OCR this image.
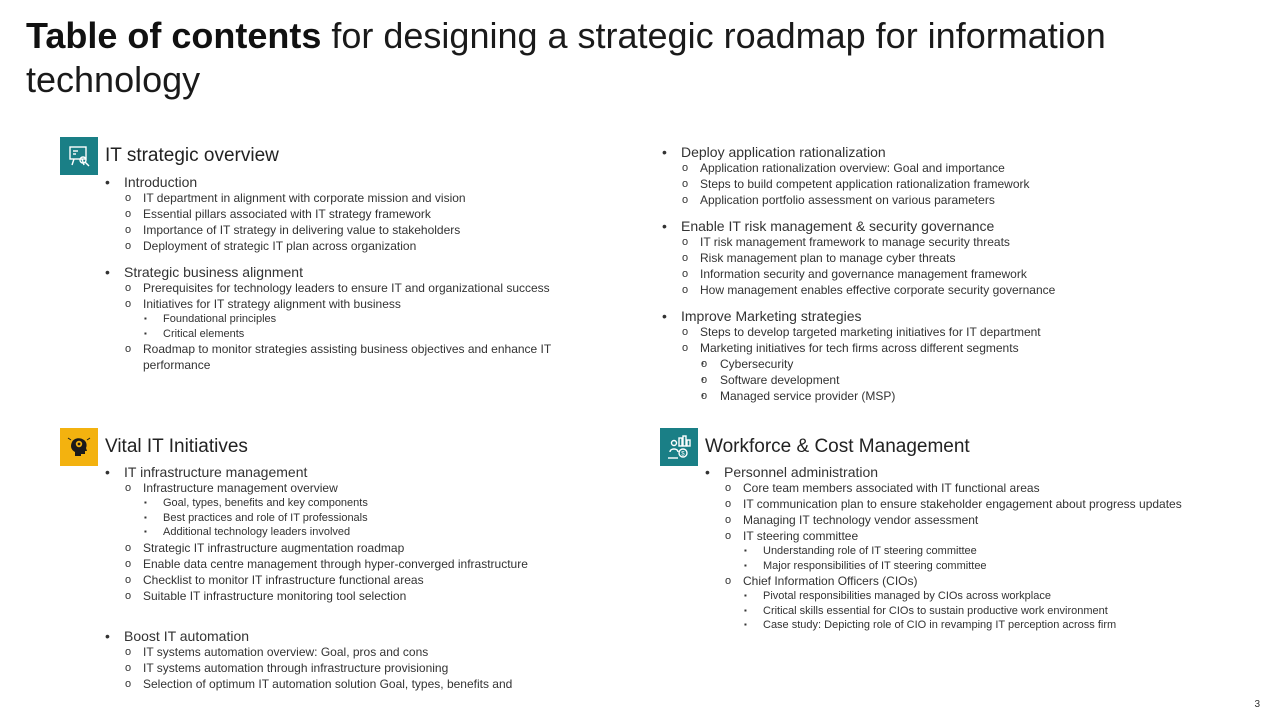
Table of contents for designing a strategic roadmap for information technology
IT strategic overview
• Introduction
o IT department in alignment with corporate mission and vision
o Essential pillars associated with IT strategy framework
o Importance of IT strategy in delivering value to stakeholders
o Deployment of strategic IT plan across organization
• Strategic business alignment
o Prerequisites for technology leaders to ensure IT and organizational success
o Initiatives for IT strategy alignment with business
▪ Foundational principles
▪ Critical elements
o Roadmap to monitor strategies assisting business objectives and enhance IT performance
• Deploy application rationalization
o Application rationalization overview: Goal and importance
o Steps to build competent application rationalization framework
o Application portfolio assessment on various parameters
• Enable IT risk management & security governance
o IT risk management framework to manage security threats
o Risk management plan to manage cyber threats
o Information security and governance management framework
o How management enables effective corporate security governance
• Improve Marketing strategies
o Steps to develop targeted marketing initiatives for IT department
o Marketing initiatives for tech firms across different segments
o ▪ Cybersecurity
o ▪ Software development
o ▪ Managed service provider (MSP)
Vital IT Initiatives
• IT infrastructure management
o Infrastructure management overview
▪ Goal, types, benefits and key components
▪ Best practices and role of IT professionals
▪ Additional technology leaders involved
o Strategic IT infrastructure augmentation roadmap
o Enable data centre management through hyper-converged infrastructure
o Checklist to monitor IT infrastructure functional areas
o Suitable IT infrastructure monitoring tool selection
• Boost IT automation
o IT systems automation overview: Goal, pros and cons
o IT systems automation through infrastructure provisioning
o Selection of optimum IT automation solution Goal, types, benefits and
$ Workforce & Cost Management
• Personnel administration
o Core team members associated with IT functional areas
o IT communication plan to ensure stakeholder engagement about progress updates
o Managing IT technology vendor assessment
o IT steering committee
▪ Understanding role of IT steering committee
▪ Major responsibilities of IT steering committee
o Chief Information Officers (CIOs)
▪ Pivotal responsibilities managed by CIOs across workplace
▪ Critical skills essential for CIOs to sustain productive work environment
▪ Case study: Depicting role of CIO in revamping IT perception across firm
3
